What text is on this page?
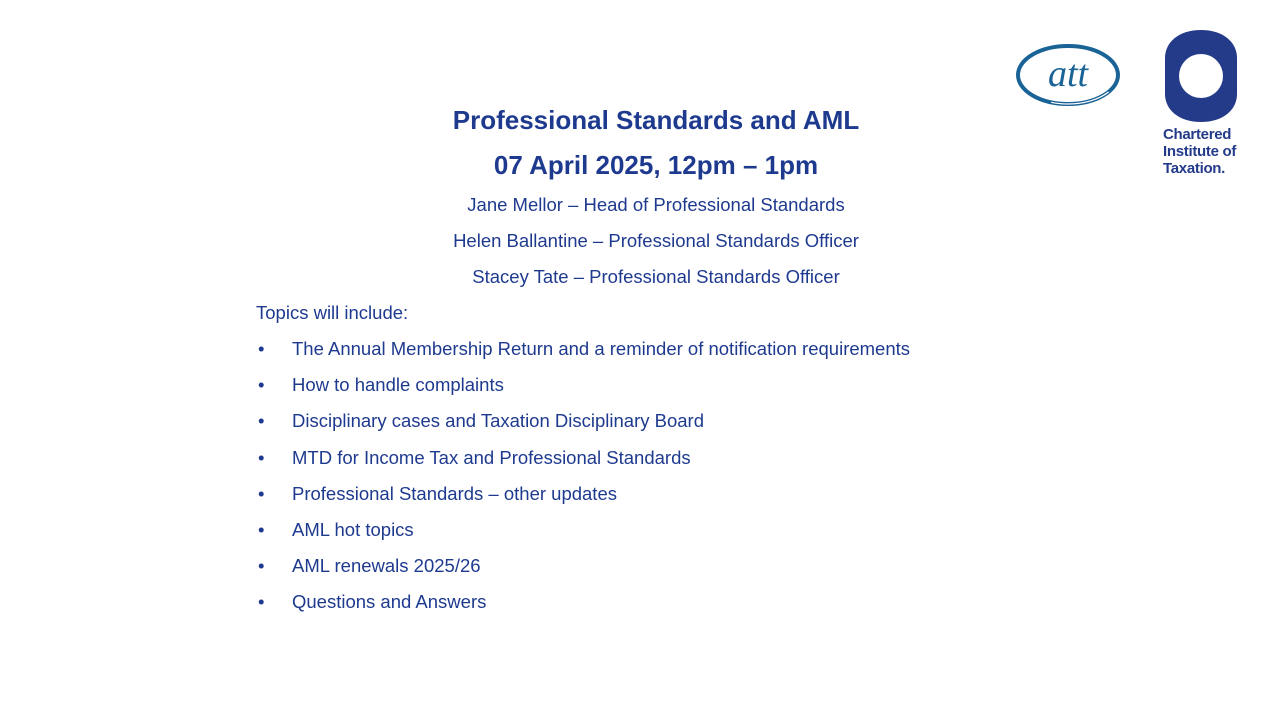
att
Chartered
Institute of
Taxation.
Professional Standards and AML
07 April 2025, 12pm – 1pm
Jane Mellor – Head of Professional Standards
Helen Ballantine – Professional Standards Officer
Stacey Tate – Professional Standards Officer
Topics will include:
• The Annual Membership Return and a reminder of notification requirements
• How to handle complaints
• Disciplinary cases and Taxation Disciplinary Board
• MTD for Income Tax and Professional Standards
• Professional Standards – other updates
• AML hot topics
• AML renewals 2025/26
• Questions and Answers
